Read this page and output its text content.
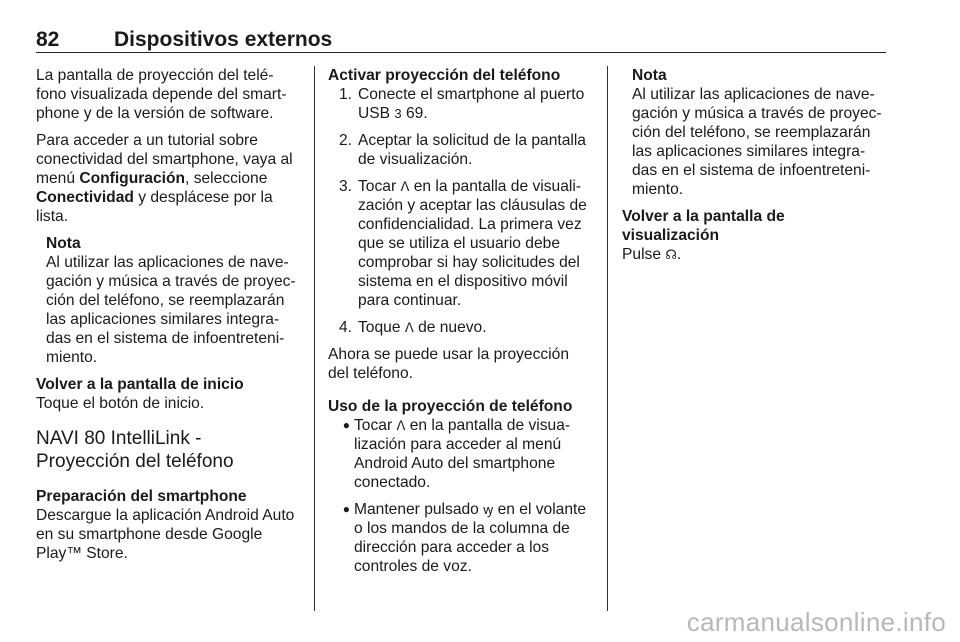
82	Dispositivos externos

La pantalla de proyección del telé-fono visualizada depende del smart-phone y de la versión de software.

Para acceder a un tutorial sobre conectividad del smartphone, vaya al menú Configuración, seleccione Conectividad y desplácese por la lista.

Nota
Al utilizar las aplicaciones de nave-gación y música a través de proyec-ción del teléfono, se reemplazarán las aplicaciones similares integra-das en el sistema de infoentreteni-miento.
Volver a la pantalla de inicio

Toque el botón de inicio.

NAVI 80 IntelliLink - Proyección del teléfono
Preparación del smartphone

Descargue la aplicación Android Auto en su smartphone desde Google Play™ Store.

Activar proyección del teléfono
1. Conecte el smartphone al puerto USB 3 69.
2. Aceptar la solicitud de la pantalla de visualización.
3. Tocar ᐱ en la pantalla de visuali-zación y aceptar las cláusulas de confidencialidad. La primera vez que se utiliza el usuario debe comprobar si hay solicitudes del sistema en el dispositivo móvil para continuar.
4. Toque ᐱ de nuevo.

Ahora se puede usar la proyección del teléfono.

Uso de la proyección de teléfono
● Tocar ᐱ en la pantalla de visua-lización para acceder al menú Android Auto del smartphone conectado.
● Mantener pulsado ꝡ en el volante o los mandos de la columna de dirección para acceder a los controles de voz.
Nota
Al utilizar las aplicaciones de nave-gación y música a través de proyec-ción del teléfono, se reemplazarán las aplicaciones similares integra-das en el sistema de infoentreteni-miento.
Volver a la pantalla de visualización

Pulse ☊.

carmanualsonline.info
